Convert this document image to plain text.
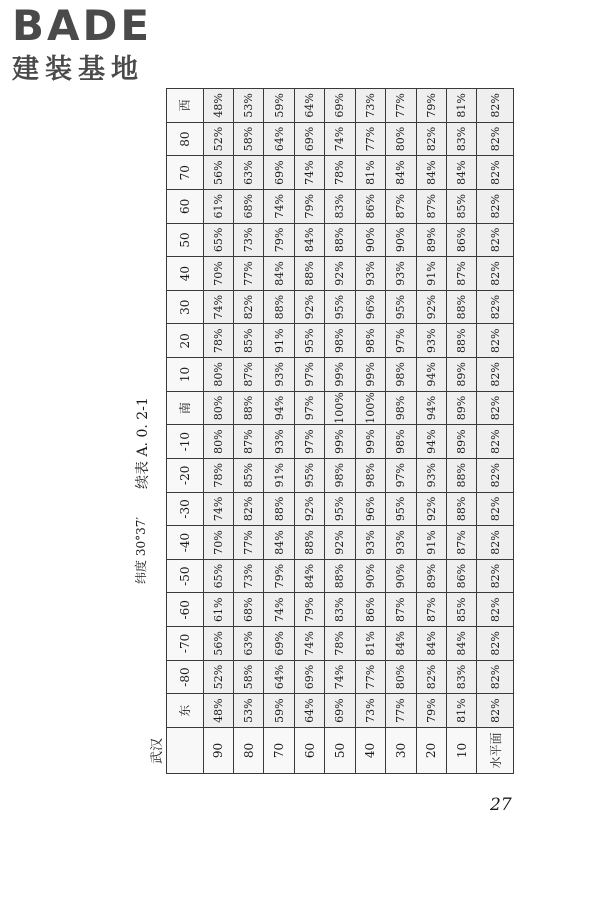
BADE
建装基地
武汉
纬度 30°37′
续表 A. 0. 2-1
	东	-80	-70	-60	-50	-40	-30	-20	-10	南	10	20	30	40	50	60	70	80	西
90	48%	52%	56%	61%	65%	70%	74%	78%	80%	80%	80%	78%	74%	70%	65%	61%	56%	52%	48%
80	53%	58%	63%	68%	73%	77%	82%	85%	87%	88%	87%	85%	82%	77%	73%	68%	63%	58%	53%
70	59%	64%	69%	74%	79%	84%	88%	91%	93%	94%	93%	91%	88%	84%	79%	74%	69%	64%	59%
60	64%	69%	74%	79%	84%	88%	92%	95%	97%	97%	97%	95%	92%	88%	84%	79%	74%	69%	64%
50	69%	74%	78%	83%	88%	92%	95%	98%	99%	100%	99%	98%	95%	92%	88%	83%	78%	74%	69%
40	73%	77%	81%	86%	90%	93%	96%	98%	99%	100%	99%	98%	96%	93%	90%	86%	81%	77%	73%
30	77%	80%	84%	87%	90%	93%	95%	97%	98%	98%	98%	97%	95%	93%	90%	87%	84%	80%	77%
20	79%	82%	84%	87%	89%	91%	92%	93%	94%	94%	94%	93%	92%	91%	89%	87%	84%	82%	79%
10	81%	83%	84%	85%	86%	87%	88%	88%	89%	89%	89%	88%	88%	87%	86%	85%	84%	83%	81%
水平面	82%	82%	82%	82%	82%	82%	82%	82%	82%	82%	82%	82%	82%	82%	82%	82%	82%	82%	82%
27
